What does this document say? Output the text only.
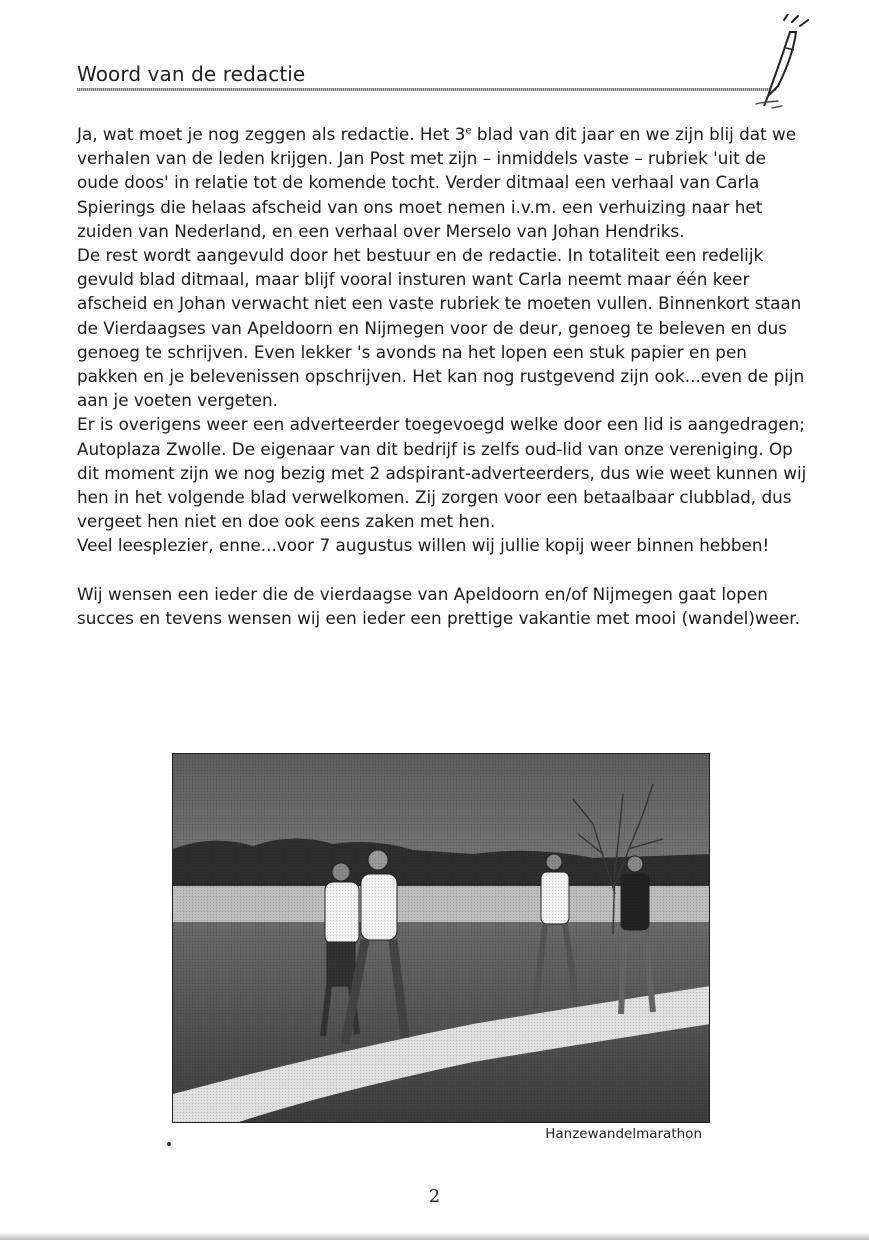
Woord van de redactie

Ja, wat moet je nog zeggen als redactie. Het 3e blad van dit jaar en we zijn blij dat we verhalen van de leden krijgen. Jan Post met zijn – inmiddels vaste – rubriek 'uit de oude doos' in relatie tot de komende tocht. Verder ditmaal een verhaal van Carla Spierings die helaas afscheid van ons moet nemen i.v.m. een verhuizing naar het zuiden van Nederland, en een verhaal over Merselo van Johan Hendriks.

De rest wordt aangevuld door het bestuur en de redactie. In totaliteit een redelijk gevuld blad ditmaal, maar blijf vooral insturen want Carla neemt maar één keer afscheid en Johan verwacht niet een vaste rubriek te moeten vullen. Binnenkort staan de Vierdaagses van Apeldoorn en Nijmegen voor de deur, genoeg te beleven en dus genoeg te schrijven. Even lekker 's avonds na het lopen een stuk papier en pen pakken en je belevenissen opschrijven. Het kan nog rustgevend zijn ook...even de pijn aan je voeten vergeten.

Er is overigens weer een adverteerder toegevoegd welke door een lid is aangedragen; Autoplaza Zwolle. De eigenaar van dit bedrijf is zelfs oud-lid van onze vereniging. Op dit moment zijn we nog bezig met 2 adspirant-adverteerders, dus wie weet kunnen wij hen in het volgende blad verwelkomen. Zij zorgen voor een betaalbaar clubblad, dus vergeet hen niet en doe ook eens zaken met hen.

Veel leesplezier, enne...voor 7 augustus willen wij jullie kopij weer binnen hebben!

Wij wensen een ieder die de vierdaagse van Apeldoorn en/of Nijmegen gaat lopen succes en tevens wensen wij een ieder een prettige vakantie met mooi (wandel)weer.

Hanzewandelmarathon
2
